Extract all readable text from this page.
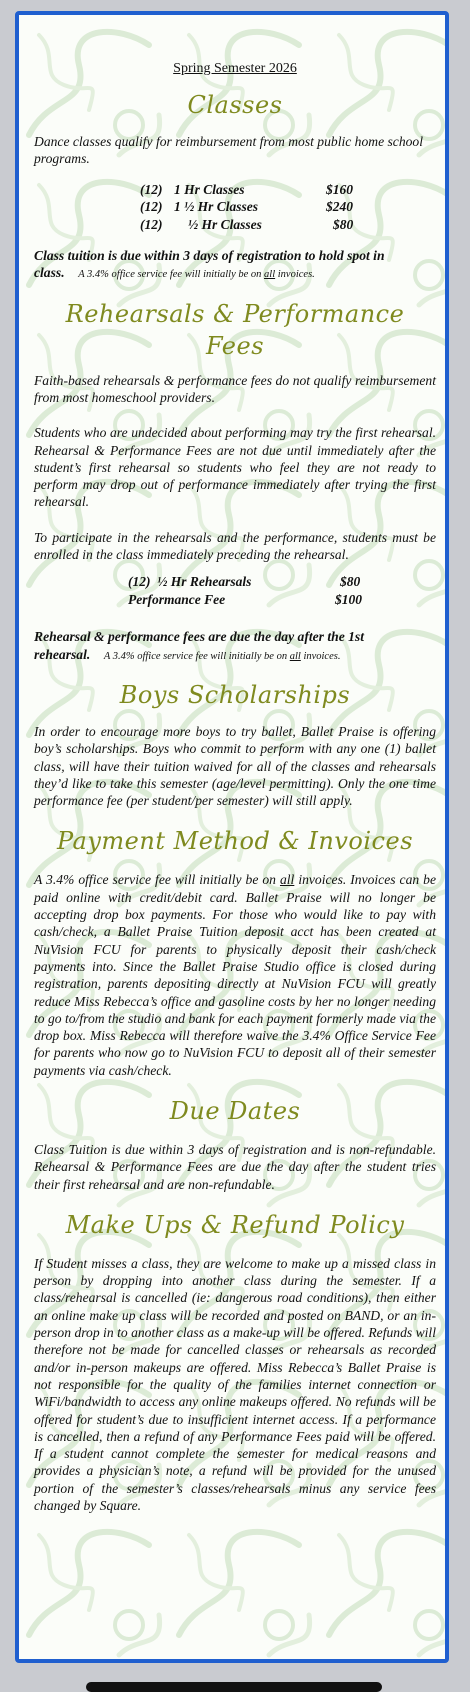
Spring Semester 2026
Classes

Dance classes qualify for reimbursement from most public home school programs.

(12) 1 Hr Classes	$160
(12) 1 ½ Hr Classes	$240
(12)	½ Hr Classes	$80
Class tuition is due within 3 days of registration to hold spot in class. A 3.4% office service fee will initially be on all invoices.
Rehearsals & Performance Fees

Faith-based rehearsals & performance fees do not qualify reimbursement from most homeschool providers.

Students who are undecided about performing may try the first rehearsal. Rehearsal & Performance Fees are not due until immediately after the student’s first rehearsal so students who feel they are not ready to perform may drop out of performance immediately after trying the first rehearsal.

To participate in the rehearsals and the performance, students must be enrolled in the class immediately preceding the rehearsal.

(12)  ½ Hr Rehearsals	$80
Performance Fee	$100
Rehearsal & performance fees are due the day after the 1st rehearsal. A 3.4% office service fee will initially be on all invoices.
Boys Scholarships

In order to encourage more boys to try ballet, Ballet Praise is offering boy’s scholarships. Boys who commit to perform with any one (1) ballet class, will have their tuition waived for all of the classes and rehearsals they’d like to take this semester (age/level permitting). Only the one time performance fee (per student/per semester) will still apply.

Payment Method & Invoices

A 3.4% office service fee will initially be on all invoices. Invoices can be paid online with credit/debit card. Ballet Praise will no longer be accepting drop box payments. For those who would like to pay with cash/check, a Ballet Praise Tuition deposit acct has been created at NuVision FCU for parents to physically deposit their cash/check payments into. Since the Ballet Praise Studio office is closed during registration, parents depositing directly at NuVision FCU will greatly reduce Miss Rebecca’s office and gasoline costs by her no longer needing to go to/from the studio and bank for each payment formerly made via the drop box. Miss Rebecca will therefore waive the 3.4% Office Service Fee for parents who now go to NuVision FCU to deposit all of their semester payments via cash/check.

Due Dates

Class Tuition is due within 3 days of registration and is non-refundable. Rehearsal & Performance Fees are due the day after the student tries their first rehearsal and are non-refundable.

Make Ups & Refund Policy

If Student misses a class, they are welcome to make up a missed class in person by dropping into another class during the semester. If a class/rehearsal is cancelled (ie: dangerous road conditions), then either an online make up class will be recorded and posted on BAND, or an in-person drop in to another class as a make-up will be offered. Refunds will therefore not be made for cancelled classes or rehearsals as recorded and/or in-person makeups are offered. Miss Rebecca’s Ballet Praise is not responsible for the quality of the families internet connection or WiFi/bandwidth to access any online makeups offered. No refunds will be offered for student’s due to insufficient internet access. If a performance is cancelled, then a refund of any Performance Fees paid will be offered. If a student cannot complete the semester for medical reasons and provides a physician’s note, a refund will be provided for the unused portion of the semester’s classes/rehearsals minus any service fees changed by Square.
